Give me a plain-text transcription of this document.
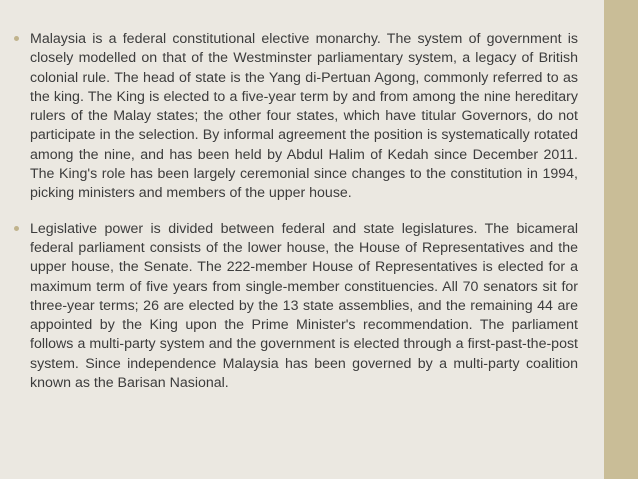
Malaysia is a federal constitutional elective monarchy. The system of government is closely modelled on that of the Westminster parliamentary system, a legacy of British colonial rule. The head of state is the Yang di-Pertuan Agong, commonly referred to as the king. The King is elected to a five-year term by and from among the nine hereditary rulers of the Malay states; the other four states, which have titular Governors, do not participate in the selection. By informal agreement the position is systematically rotated among the nine, and has been held by Abdul Halim of Kedah since December 2011. The King's role has been largely ceremonial since changes to the constitution in 1994, picking ministers and members of the upper house.

Legislative power is divided between federal and state legislatures. The bicameral federal parliament consists of the lower house, the House of Representatives and the upper house, the Senate. The 222-member House of Representatives is elected for a maximum term of five years from single-member constituencies. All 70 senators sit for three-year terms; 26 are elected by the 13 state assemblies, and the remaining 44 are appointed by the King upon the Prime Minister's recommendation. The parliament follows a multi-party system and the government is elected through a first-past-the-post system. Since independence Malaysia has been governed by a multi-party coalition known as the Barisan Nasional.
